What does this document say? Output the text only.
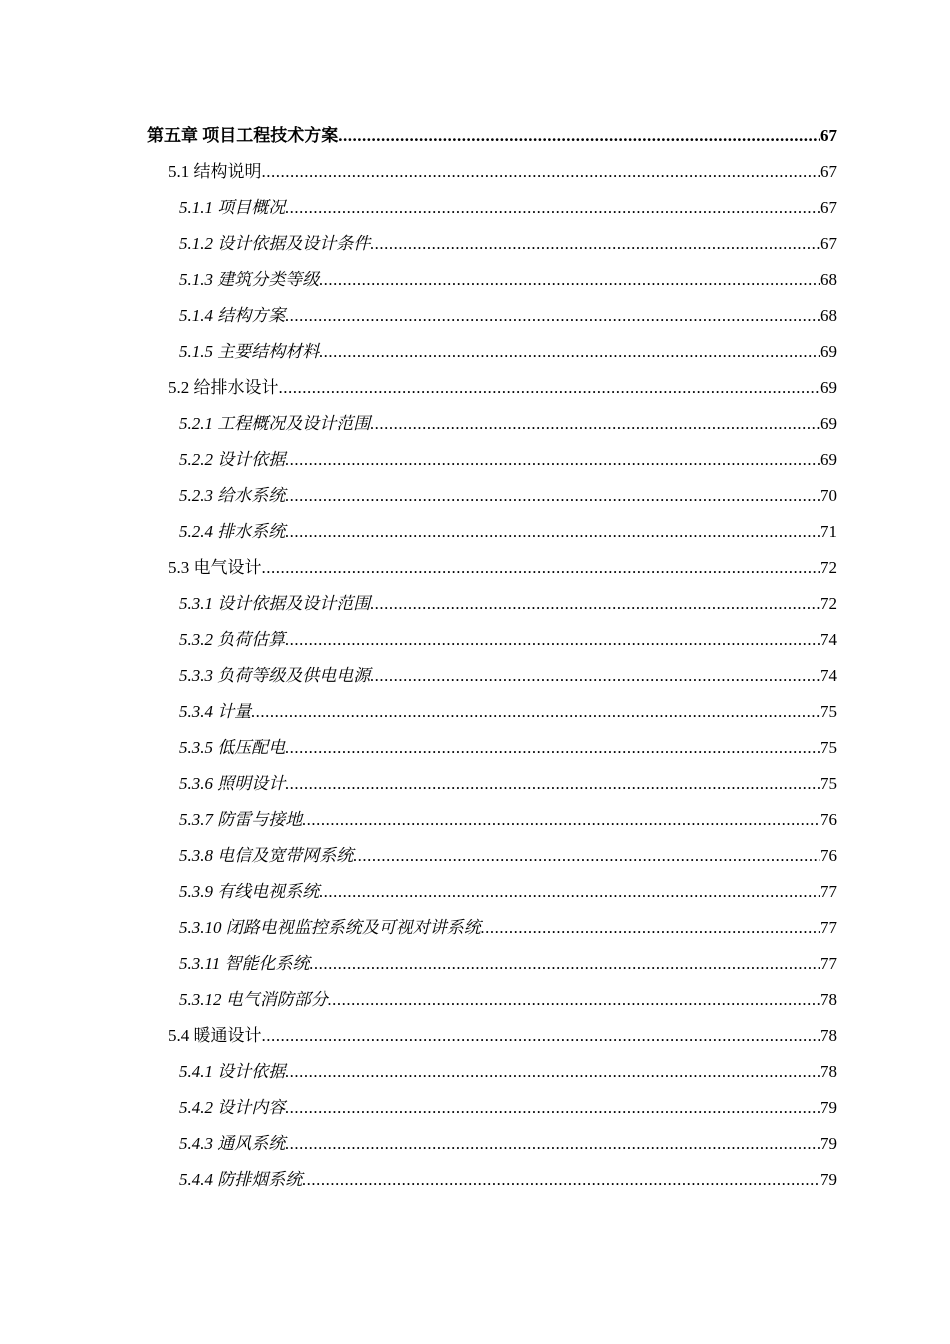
第五章 项目工程技术方案 .....	67
5.1 结构说明 .....	67
5.1.1 项目概况 .....	67
5.1.2 设计依据及设计条件 .....	67
5.1.3 建筑分类等级 .....	68
5.1.4 结构方案 .....	68
5.1.5 主要结构材料 .....	69
5.2 给排水设计 .....	69
5.2.1 工程概况及设计范围 .....	69
5.2.2 设计依据 .....	69
5.2.3 给水系统 .....	70
5.2.4 排水系统 .....	71
5.3 电气设计 .....	72
5.3.1 设计依据及设计范围 .....	72
5.3.2 负荷估算 .....	74
5.3.3 负荷等级及供电电源 .....	74
5.3.4 计量 .....	75
5.3.5 低压配电 .....	75
5.3.6 照明设计 .....	75
5.3.7 防雷与接地 .....	76
5.3.8 电信及宽带网系统 .....	76
5.3.9 有线电视系统 .....	77
5.3.10 闭路电视监控系统及可视对讲系统 .....	77
5.3.11 智能化系统 .....	77
5.3.12 电气消防部分 .....	78
5.4 暖通设计 .....	78
5.4.1 设计依据 .....	78
5.4.2 设计内容 .....	79
5.4.3 通风系统 .....	79
5.4.4 防排烟系统 .....	79
